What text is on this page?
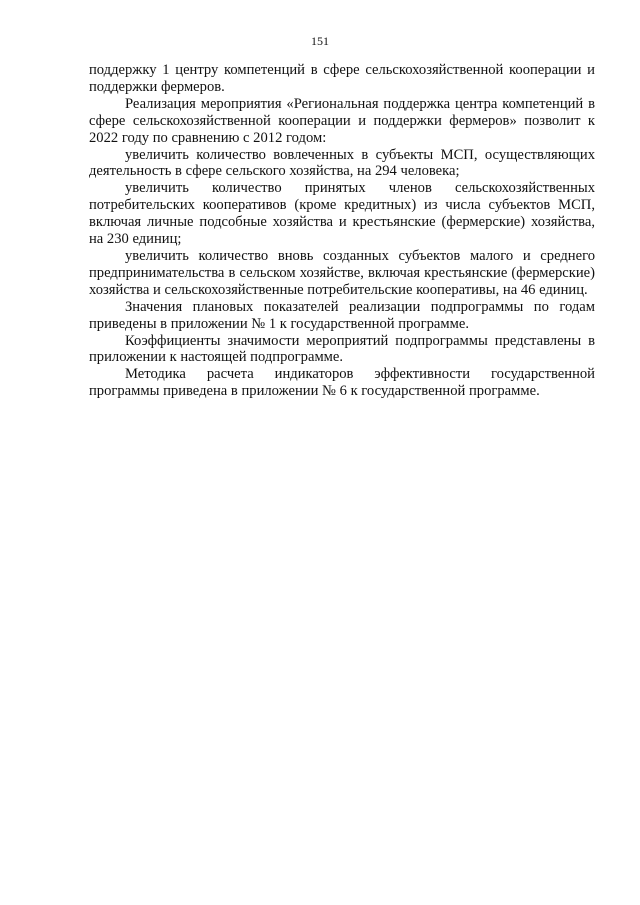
151

поддержку 1 центру компетенций в сфере сельскохозяйственной кооперации и поддержки фермеров.

Реализация мероприятия «Региональная поддержка центра компетенций в сфере сельскохозяйственной кооперации и поддержки фермеров» позволит к 2022 году по сравнению с 2012 годом:

увеличить количество вовлеченных в субъекты МСП, осуществляющих деятельность в сфере сельского хозяйства, на 294 человека;

увеличить количество принятых членов сельскохозяйственных потребительских кооперативов (кроме кредитных) из числа субъектов МСП, включая личные подсобные хозяйства и крестьянские (фермерские) хозяйства, на 230 единиц;

увеличить количество вновь созданных субъектов малого и среднего предпринимательства в сельском хозяйстве, включая крестьянские (фермерские) хозяйства и сельскохозяйственные потребительские кооперативы, на 46 единиц.

Значения плановых показателей реализации подпрограммы по годам приведены в приложении № 1 к государственной программе.

Коэффициенты значимости мероприятий подпрограммы представлены в приложении к настоящей подпрограмме.

Методика расчета индикаторов эффективности государственной программы приведена в приложении № 6 к государственной программе.
